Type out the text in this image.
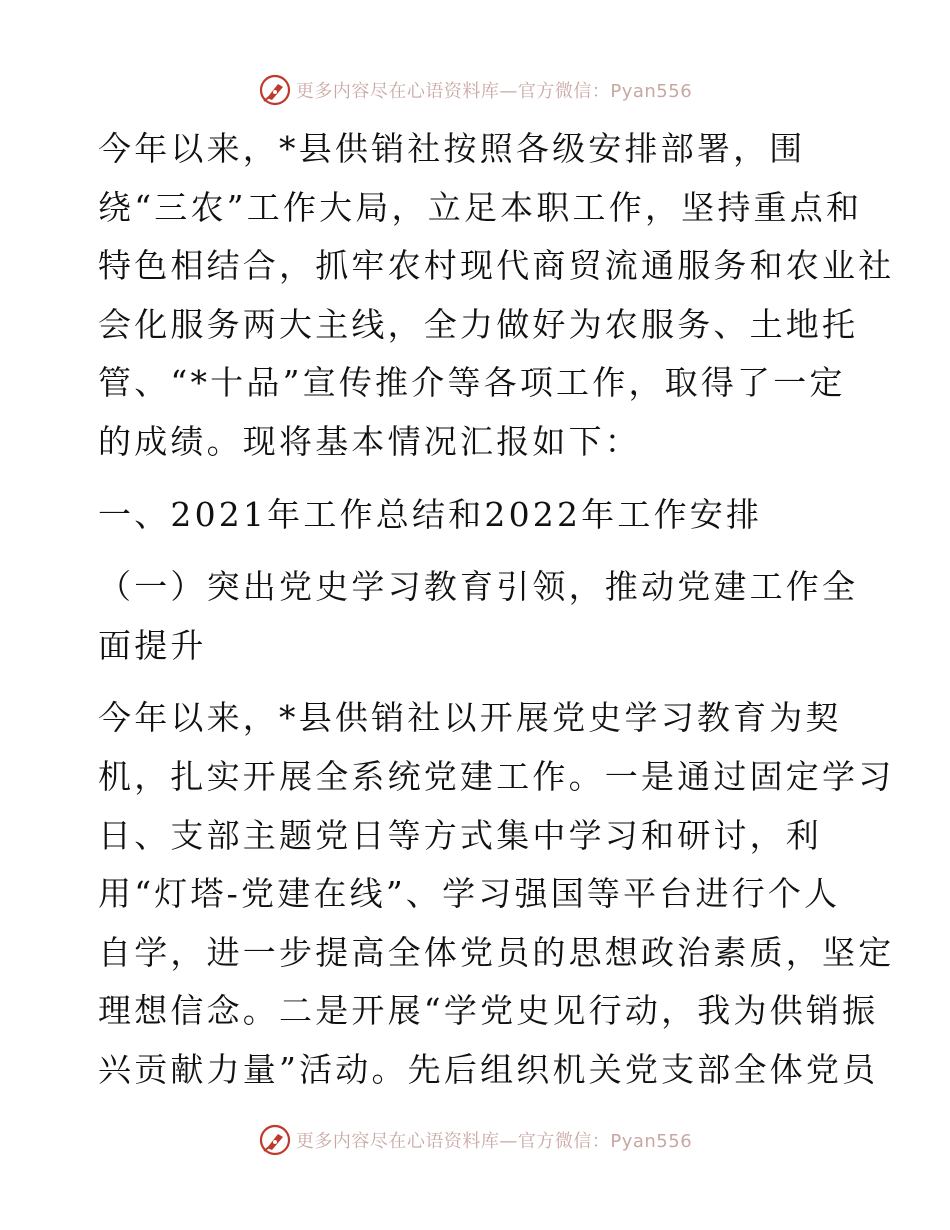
更多内容尽在心语资料库—官方微信：Pyan556

今年以来，*县供销社按照各级安排部署，围
绕“三农”工作大局，立足本职工作，坚持重点和
特色相结合，抓牢农村现代商贸流通服务和农业社
会化服务两大主线，全力做好为农服务、土地托
管、“*十品”宣传推介等各项工作，取得了一定
的成绩。现将基本情况汇报如下：

一、2021年工作总结和2022年工作安排

（一）突出党史学习教育引领，推动党建工作全
面提升

今年以来，*县供销社以开展党史学习教育为契
机，扎实开展全系统党建工作。一是通过固定学习
日、支部主题党日等方式集中学习和研讨，利
用“灯塔-党建在线”、学习强国等平台进行个人
自学，进一步提高全体党员的思想政治素质，坚定
理想信念。二是开展“学党史见行动，我为供销振
兴贡献力量”活动。先后组织机关党支部全体党员

更多内容尽在心语资料库—官方微信：Pyan556
